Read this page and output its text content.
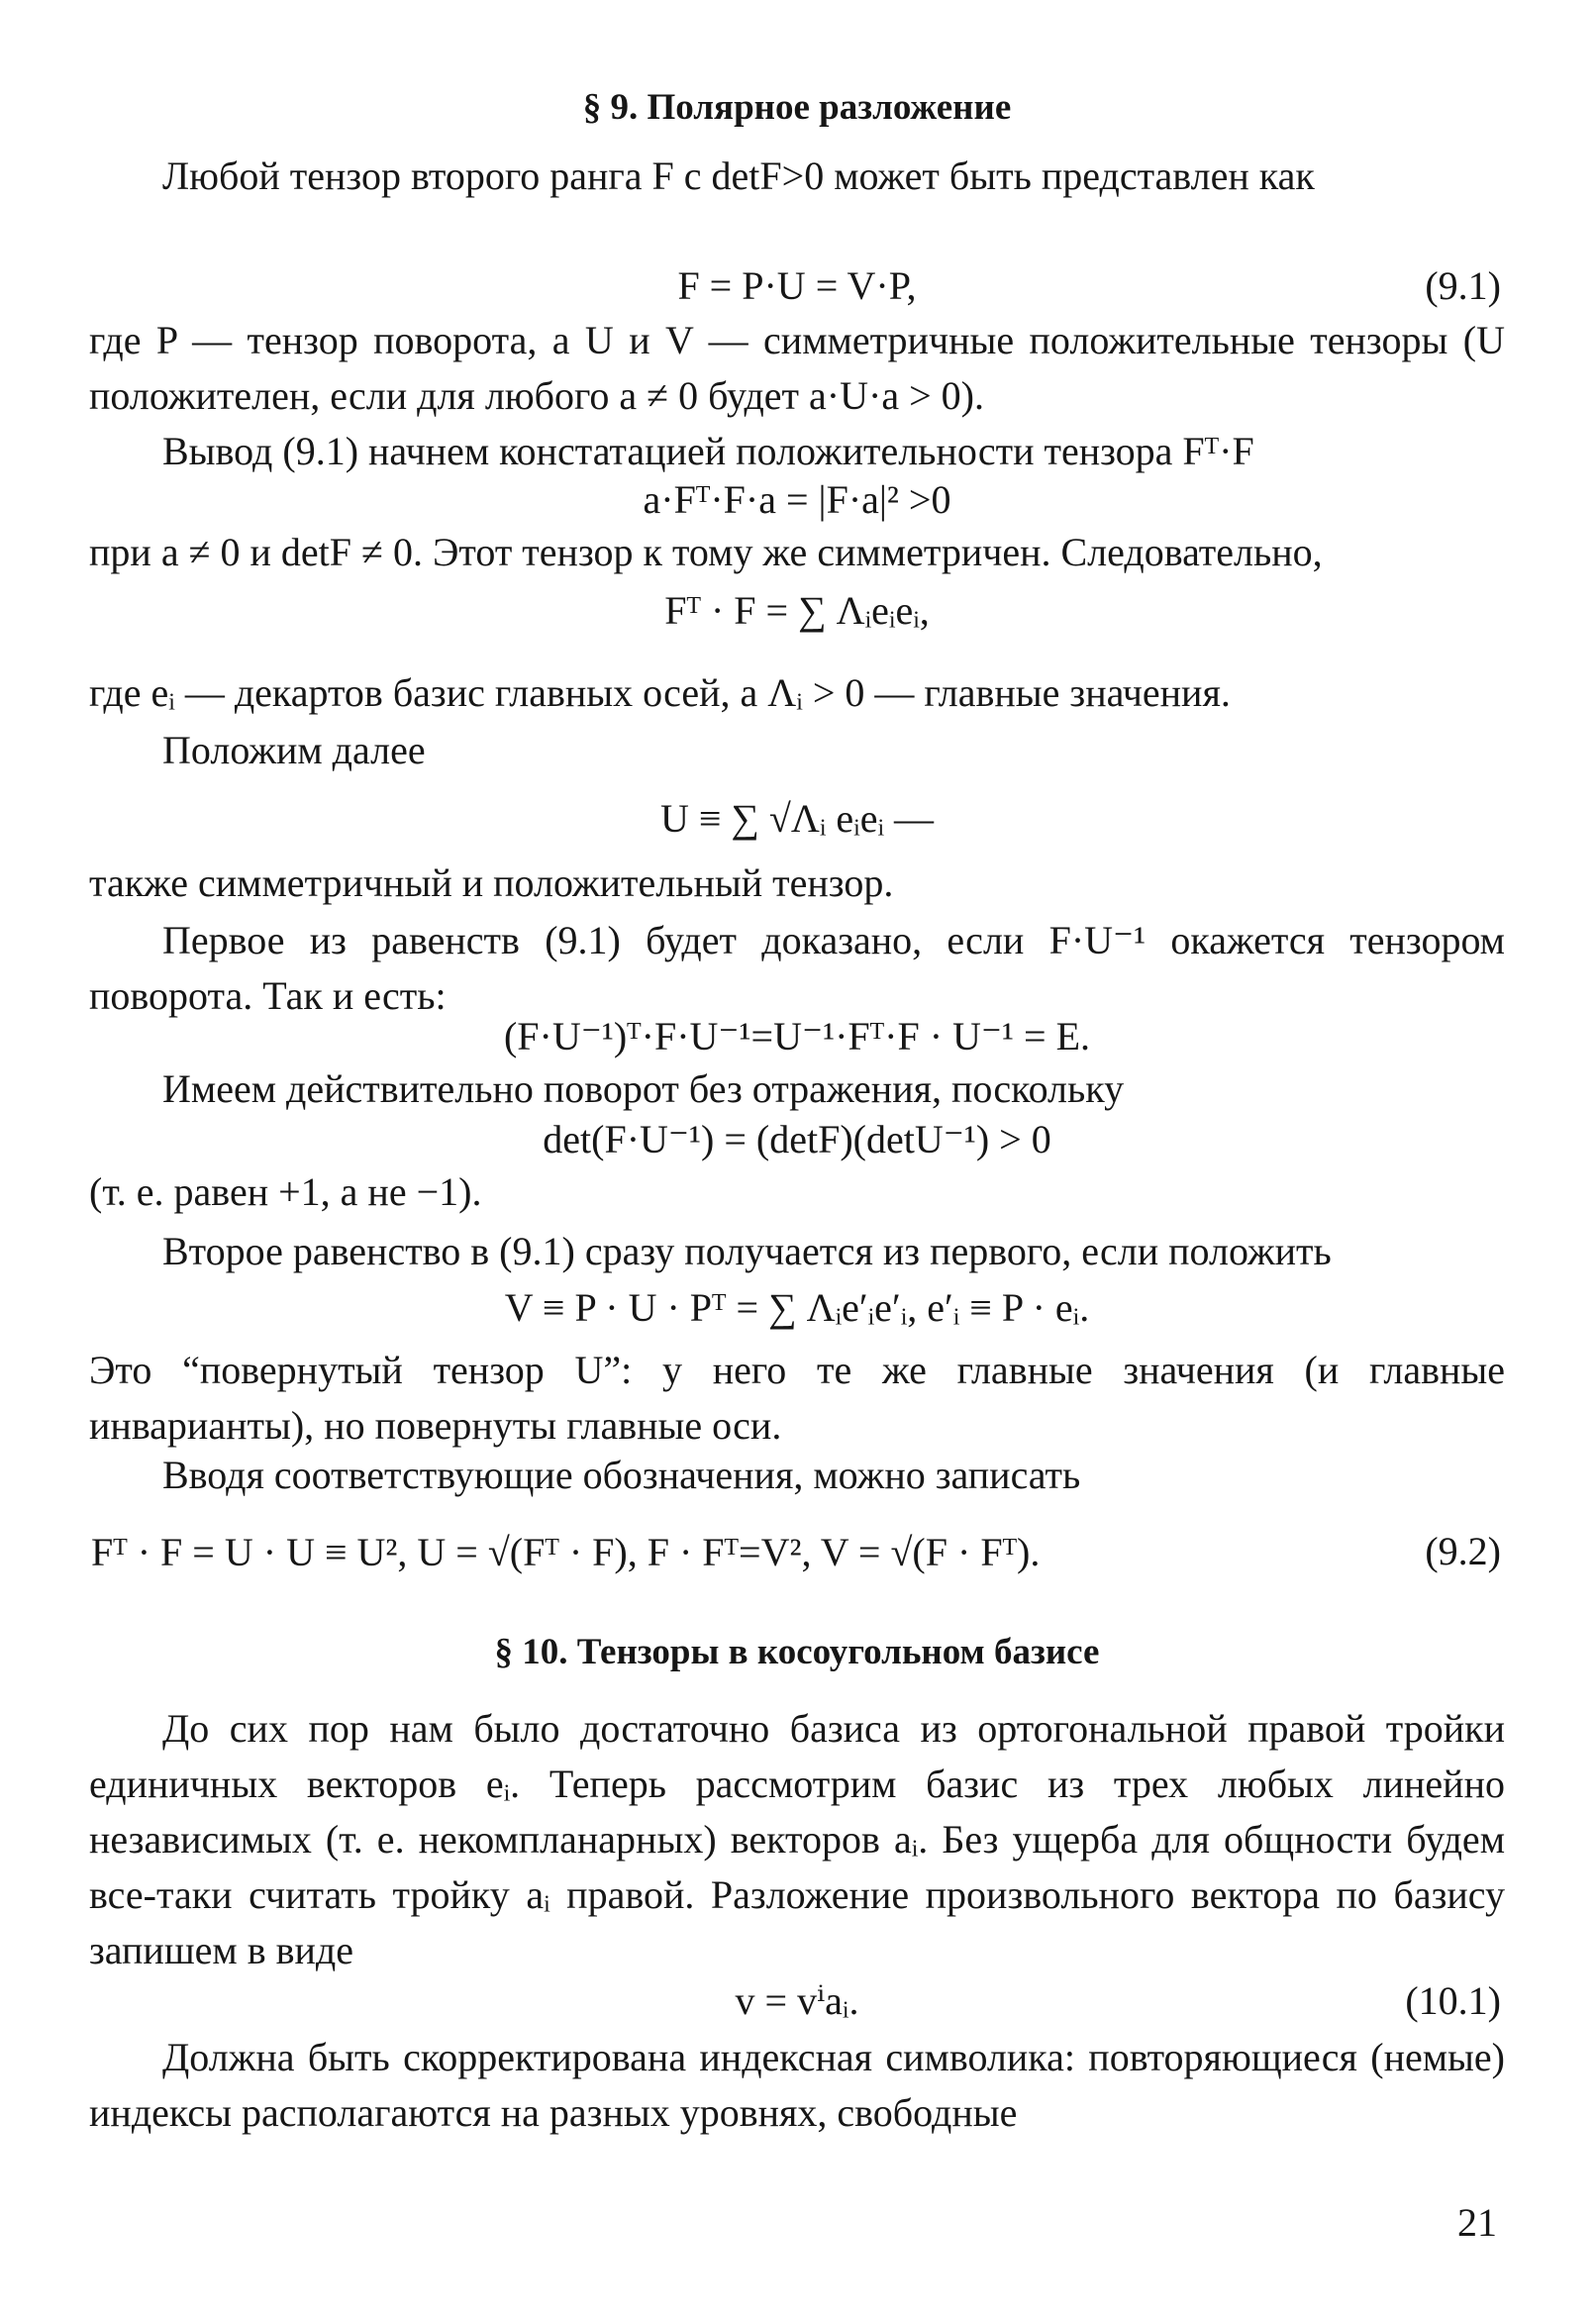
§ 9. Полярное разложение

Любой тензор второго ранга F с detF>0 может быть представлен как

F = P·U = V·P,	(9.1)

где P — тензор поворота, а U и V — симметричные положительные тензоры (U положителен, если для любого a ≠ 0 будет a·U·a > 0).

Вывод (9.1) начнем констатацией положительности тензора Fᵀ·F

a·Fᵀ·F·a = |F·a|² >0

при a ≠ 0 и detF ≠ 0. Этот тензор к тому же симметричен. Следовательно,

Fᵀ · F = ∑ Λᵢeᵢeᵢ,

где eᵢ — декартов базис главных осей, а Λᵢ > 0 — главные значения.

Положим далее

U ≡ ∑ √Λᵢ eᵢeᵢ —

также симметричный и положительный тензор.

Первое из равенств (9.1) будет доказано, если F·U⁻¹ окажется тензором поворота. Так и есть:

(F·U⁻¹)ᵀ·F·U⁻¹=U⁻¹·Fᵀ·F · U⁻¹ = E.

Имеем действительно поворот без отражения, поскольку

det(F·U⁻¹) = (detF)(detU⁻¹) > 0

(т. е. равен +1, а не −1).

Второе равенство в (9.1) сразу получается из первого, если положить

V ≡ P · U · Pᵀ = ∑ Λᵢe′ᵢe′ᵢ, e′ᵢ ≡ P · eᵢ.

Это “повернутый тензор U”: у него те же главные значения (и главные инварианты), но повернуты главные оси.

Вводя соответствующие обозначения, можно записать

Fᵀ · F = U · U ≡ U², U = √(Fᵀ · F), F · Fᵀ=V², V = √(F · Fᵀ).	(9.2)
§ 10. Тензоры в косоугольном базисе

До сих пор нам было достаточно базиса из ортогональной правой тройки единичных векторов eᵢ. Теперь рассмотрим базис из трех любых линейно независимых (т. е. некомпланарных) векторов aᵢ. Без ущерба для общности будем все-таки считать тройку aᵢ правой. Разложение произвольного вектора по базису запишем в виде

v = vⁱaᵢ.	(10.1)

Должна быть скорректирована индексная символика: повторяющиеся (немые) индексы располагаются на разных уровнях, свободные

21
